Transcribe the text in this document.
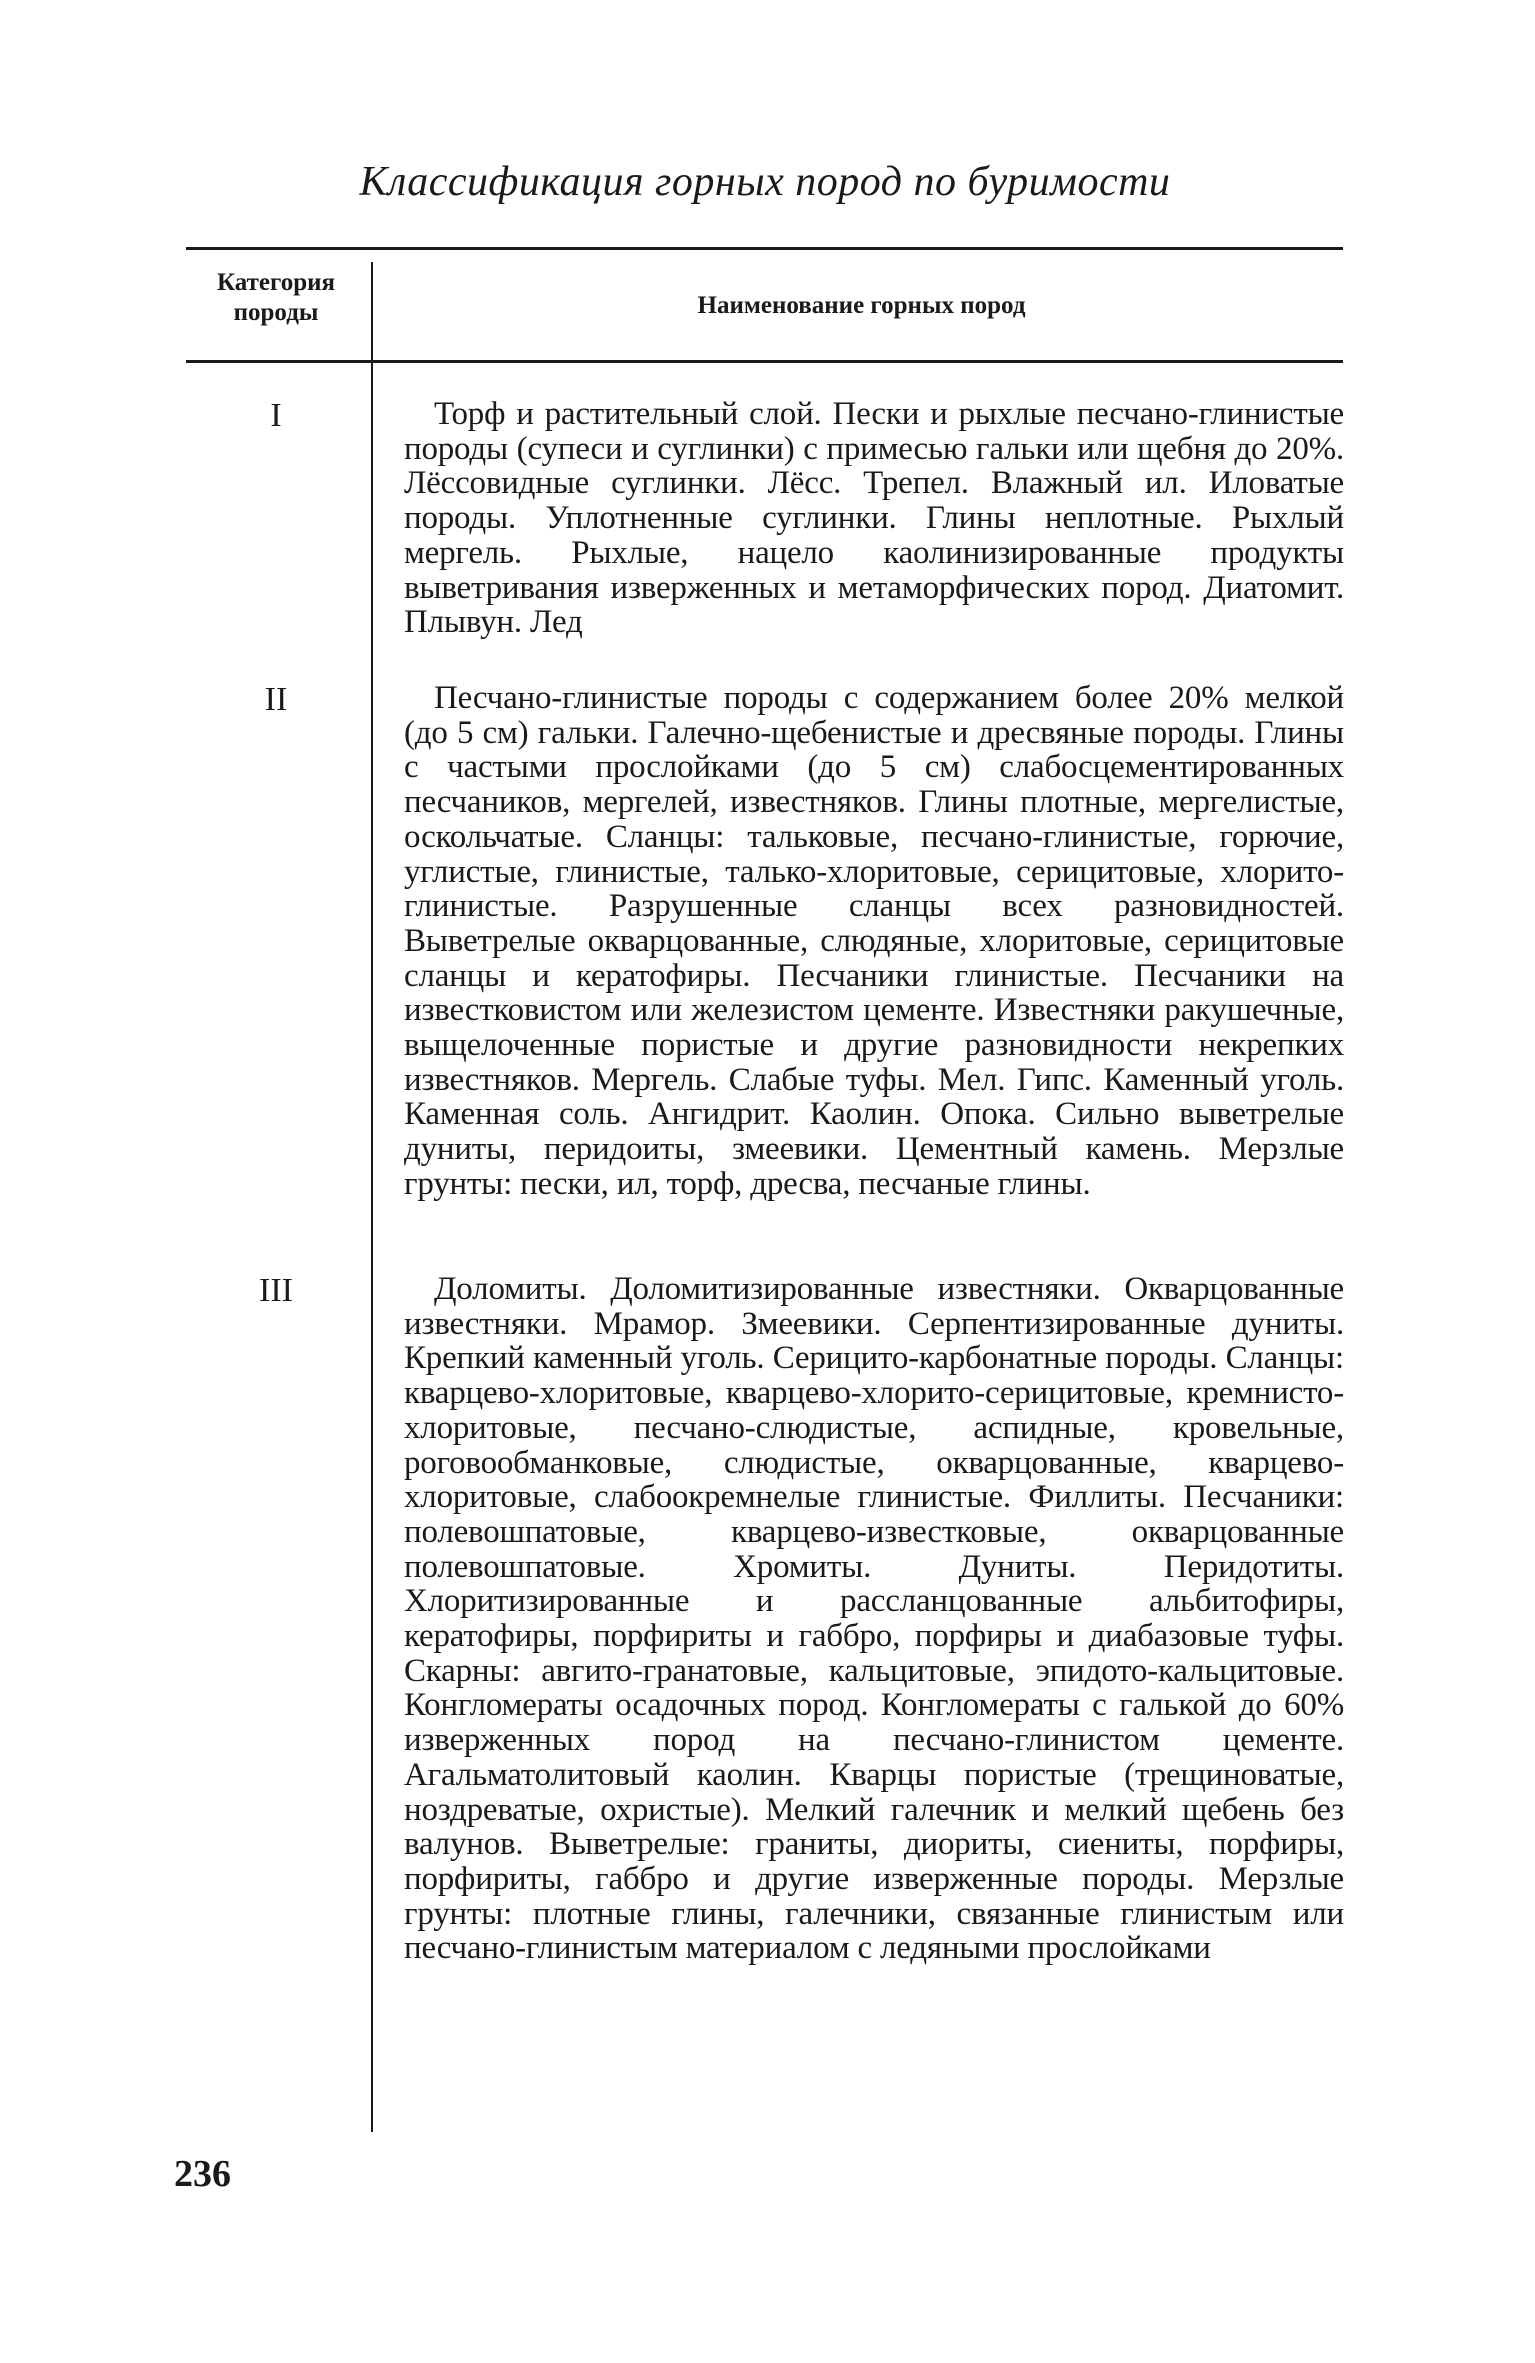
Классификация горных пород по буримости
Категория породы	Наименование горных пород
I	Торф и растительный слой. Пески и рыхлые песчано-глинистые породы (супеси и суглинки) с примесью гальки или щебня до 20%. Лёссовидные суглинки. Лёсс. Трепел. Влажный ил. Иловатые породы. Уплотненные суглинки. Глины неплотные. Рыхлый мергель. Рыхлые, нацело каолинизированные продукты выветривания изверженных и метаморфических пород. Диатомит. Плывун. Лед

II	Песчано-глинистые породы с содержанием более 20% мелкой (до 5 см) гальки. Галечно-щебенистые и дресвяные породы. Глины с частыми прослойками (до 5 см) слабосцементированных песчаников, мергелей, известняков. Глины плотные, мергелистые, оскольчатые. Сланцы: тальковые, песчано-глинистые, горючие, углистые, глинистые, талько-хлоритовые, серицитовые, хлорито-глинистые. Разрушенные сланцы всех разновидностей. Выветрелые окварцованные, слюдяные, хлоритовые, серицитовые сланцы и кератофиры. Песчаники глинистые. Песчаники на известковистом или железистом цементе. Известняки ракушечные, выщелоченные пористые и другие разновидности некрепких известняков. Мергель. Слабые туфы. Мел. Гипс. Каменный уголь. Каменная соль. Ангидрит. Каолин. Опока. Сильно выветрелые дуниты, перидоиты, змеевики. Цементный камень. Мерзлые грунты: пески, ил, торф, дресва, песчаные глины.

III	Доломиты. Доломитизированные известняки. Окварцованные известняки. Мрамор. Змеевики. Серпентизированные дуниты. Крепкий каменный уголь. Серицито-карбонатные породы. Сланцы: кварцево-хлоритовые, кварцево-хлорито-серицитовые, кремнисто-хлоритовые, песчано-слюдистые, аспидные, кровельные, роговообманковые, слюдистые, окварцованные, кварцево-хлоритовые, слабоокремнелые глинистые. Филлиты. Песчаники: полевошпатовые, кварцево-известковые, окварцованные полевошпатовые. Хромиты. Дуниты. Перидотиты. Хлоритизированные и рассланцованные альбитофиры, кератофиры, порфириты и габбро, порфиры и диабазовые туфы. Скарны: авгито-гранатовые, кальцитовые, эпидото-кальцитовые. Конгломераты осадочных пород. Конгломераты с галькой до 60% изверженных пород на песчано-глинистом цементе. Агальматолитовый каолин. Кварцы пористые (трещиноватые, ноздреватые, охристые). Мелкий галечник и мелкий щебень без валунов. Выветрелые: граниты, диориты, сиениты, порфиры, порфириты, габбро и другие изверженные породы. Мерзлые грунты: плотные глины, галечники, связанные глинистым или песчано-глинистым материалом с ледяными прослойками

236
